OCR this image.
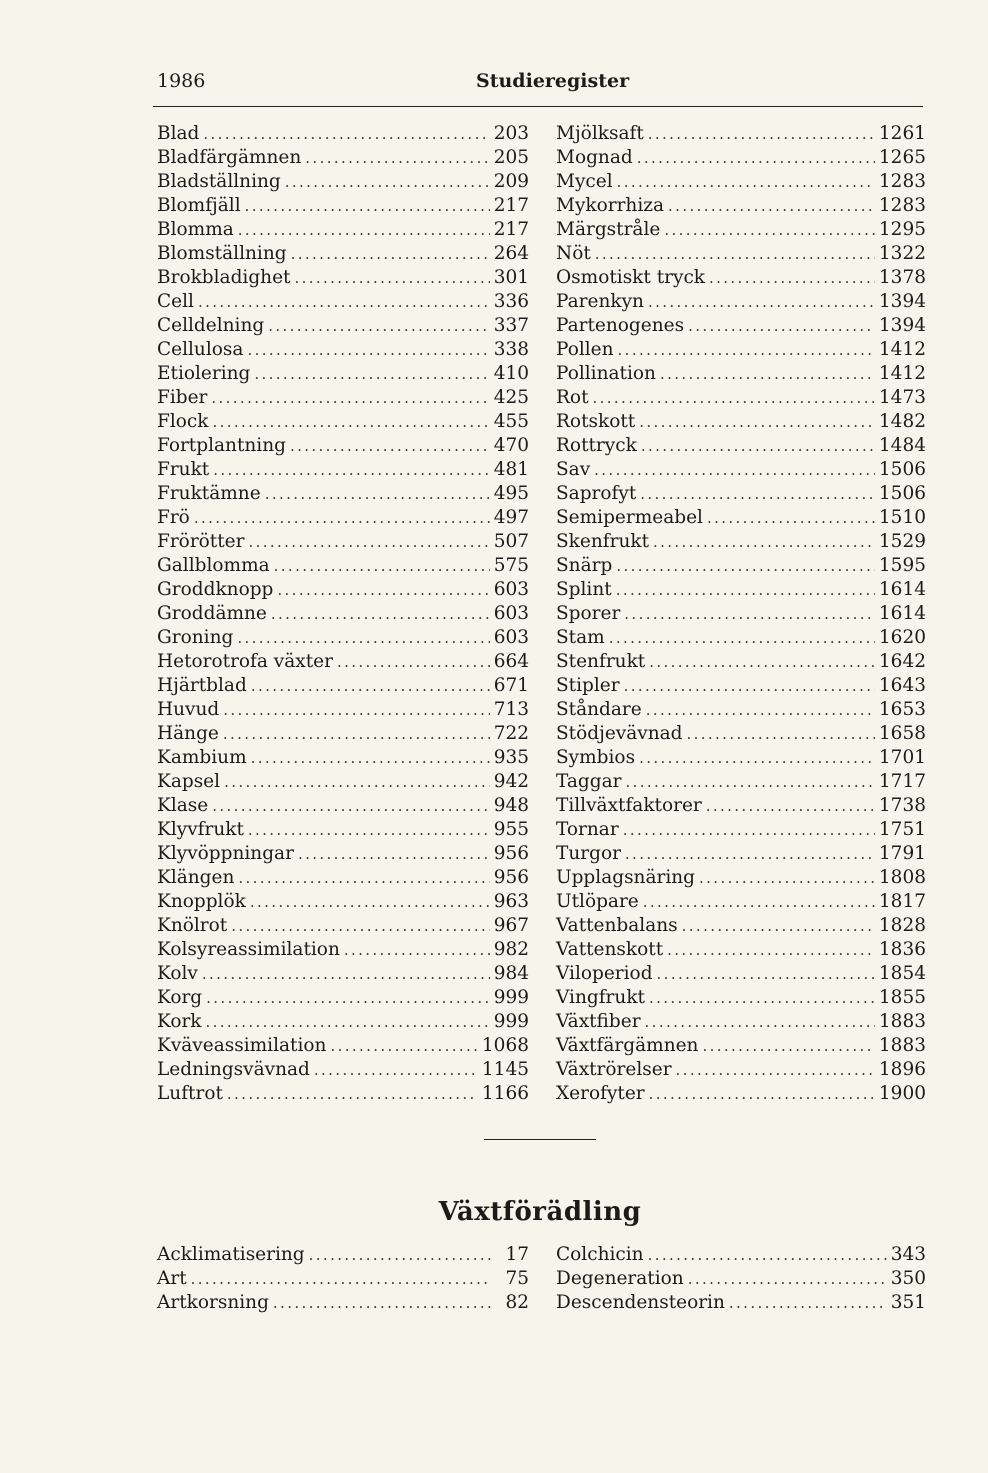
1986	Studieregister
Blad . . .	203
Bladfärgämnen . . .	205
Bladställning . . .	209
Blomfjäll . . .	217
Blomma . . .	217
Blomställning . . .	264
Brokbladighet . . .	301
Cell . . .	336
Celldelning . . .	337
Cellulosa . . .	338
Etiolering . . .	410
Fiber . . .	425
Flock . . .	455
Fortplantning . . .	470
Frukt . . .	481
Fruktämne . . .	495
Frö . . .	497
Frörötter . . .	507
Gallblomma . . .	575
Groddknopp . . .	603
Groddämne . . .	603
Groning . . .	603
Hetorotrofa växter . . .	664
Hjärtblad . . .	671
Huvud . . .	713
Hänge . . .	722
Kambium . . .	935
Kapsel . . .	942
Klase . . .	948
Klyvfrukt . . .	955
Klyvöppningar . . .	956
Klängen . . .	956
Knopplök . . .	963
Knölrot . . .	967
Kolsyreassimilation . . .	982
Kolv . . .	984
Korg . . .	999
Kork . . .	999
Kväveassimilation . . .	1068
Ledningsvävnad . . .	1145
Luftrot . . .	1166
Mjölksaft . . .	1261
Mognad . . .	1265
Mycel . . .	1283
Mykorrhiza . . .	1283
Märgstråle . . .	1295
Nöt . . .	1322
Osmotiskt tryck . . .	1378
Parenkyn . . .	1394
Partenogenes . . .	1394
Pollen . . .	1412
Pollination . . .	1412
Rot . . .	1473
Rotskott . . .	1482
Rottryck . . .	1484
Sav . . .	1506
Saprofyt . . .	1506
Semipermeabel . . .	1510
Skenfrukt . . .	1529
Snärp . . .	1595
Splint . . .	1614
Sporer . . .	1614
Stam . . .	1620
Stenfrukt . . .	1642
Stipler . . .	1643
Ståndare . . .	1653
Stödjevävnad . . .	1658
Symbios . . .	1701
Taggar . . .	1717
Tillväxtfaktorer . . .	1738
Tornar . . .	1751
Turgor . . .	1791
Upplagsnäring . . .	1808
Utlöpare . . .	1817
Vattenbalans . . .	1828
Vattenskott . . .	1836
Viloperiod . . .	1854
Vingfrukt . . .	1855
Växtfiber . . .	1883
Växtfärgämnen . . .	1883
Växtrörelser . . .	1896
Xerofyter . . .	1900
Växtförädling
Acklimatisering . . .	17
Art . . .	75
Artkorsning . . .	82
Colchicin . . .	343
Degeneration . . .	350
Descendensteorin . . .	351
